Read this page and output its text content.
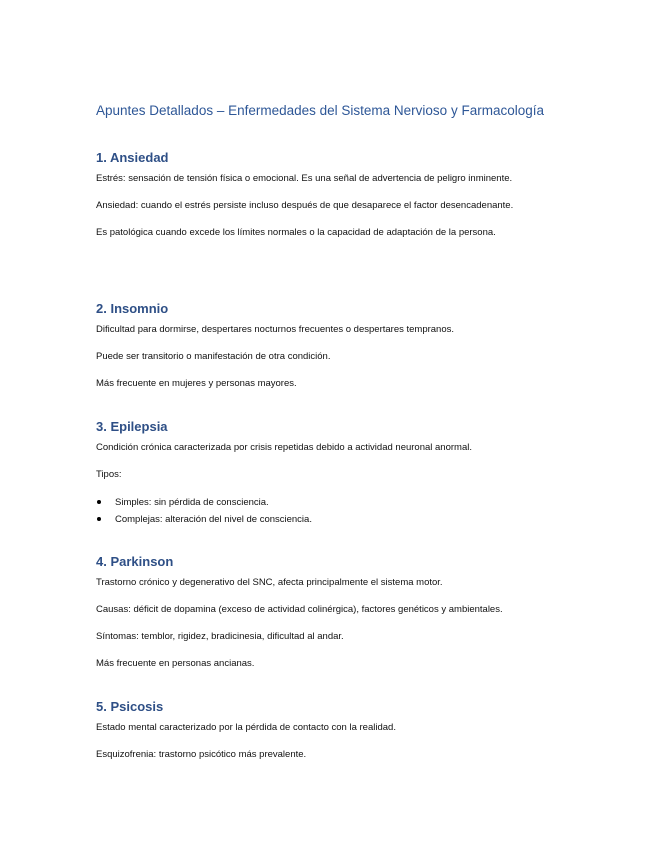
Apuntes Detallados – Enfermedades del Sistema Nervioso y Farmacología
1. Ansiedad

Estrés: sensación de tensión física o emocional. Es una señal de advertencia de peligro inminente.

Ansiedad: cuando el estrés persiste incluso después de que desaparece el factor desencadenante.

Es patológica cuando excede los límites normales o la capacidad de adaptación de la persona.

2. Insomnio

Dificultad para dormirse, despertares nocturnos frecuentes o despertares tempranos.

Puede ser transitorio o manifestación de otra condición.

Más frecuente en mujeres y personas mayores.

3. Epilepsia

Condición crónica caracterizada por crisis repetidas debido a actividad neuronal anormal.

Tipos:

Simples: sin pérdida de consciencia.
Complejas: alteración del nivel de consciencia.
4. Parkinson

Trastorno crónico y degenerativo del SNC, afecta principalmente el sistema motor.

Causas: déficit de dopamina (exceso de actividad colinérgica), factores genéticos y ambientales.

Síntomas: temblor, rigidez, bradicinesia, dificultad al andar.

Más frecuente en personas ancianas.

5. Psicosis

Estado mental caracterizado por la pérdida de contacto con la realidad.

Esquizofrenia: trastorno psicótico más prevalente.
